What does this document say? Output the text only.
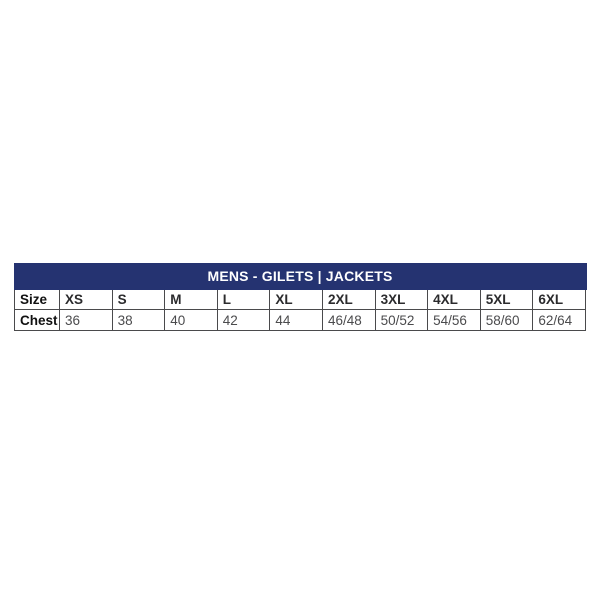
MENS - GILETS | JACKETS										
Size	XS	S	M	L	XL	2XL	3XL	4XL	5XL	6XL
Chest	36	38	40	42	44	46/48	50/52	54/56	58/60	62/64
